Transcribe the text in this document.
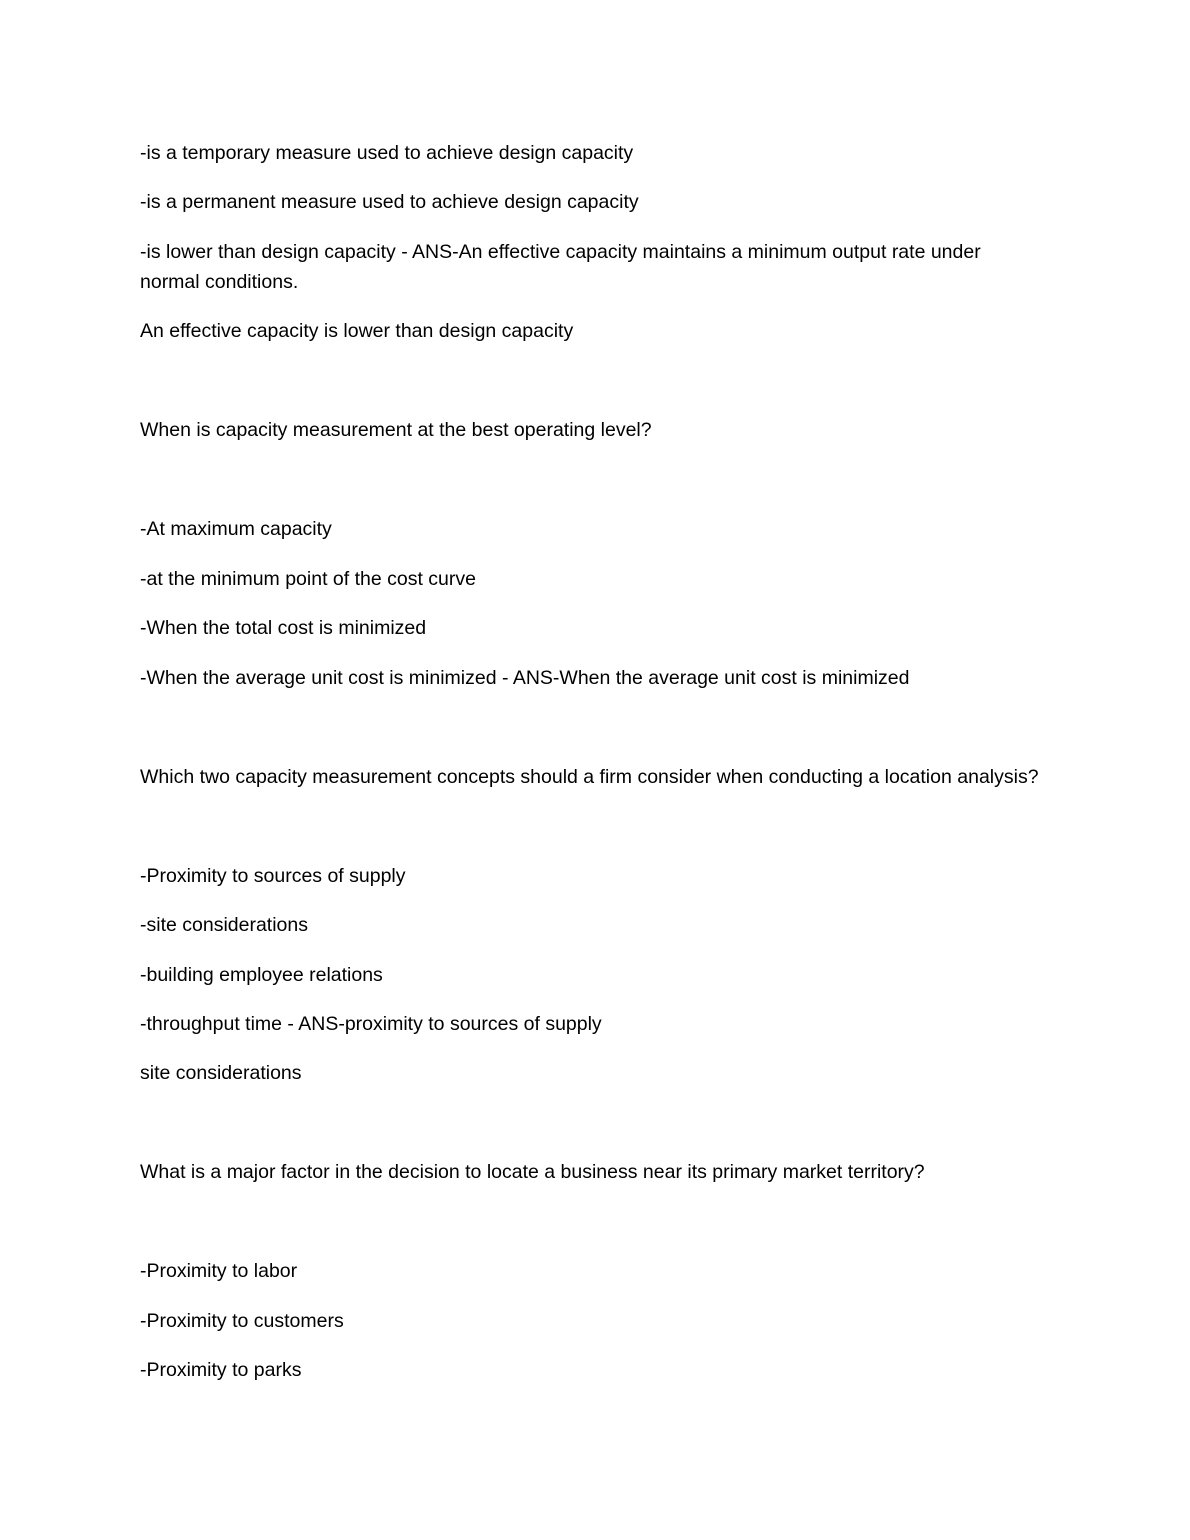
-is a temporary measure used to achieve design capacity
-is a permanent measure used to achieve design capacity
-is lower than design capacity - ANS-An effective capacity maintains a minimum output rate under normal conditions.
An effective capacity is lower than design capacity
When is capacity measurement at the best operating level?
-At maximum capacity
-at the minimum point of the cost curve
-When the total cost is minimized
-When the average unit cost is minimized - ANS-When the average unit cost is minimized
Which two capacity measurement concepts should a firm consider when conducting a location analysis?
-Proximity to sources of supply
-site considerations
-building employee relations
-throughput time - ANS-proximity to sources of supply
site considerations
What is a major factor in the decision to locate a business near its primary market territory?
-Proximity to labor
-Proximity to customers
-Proximity to parks
